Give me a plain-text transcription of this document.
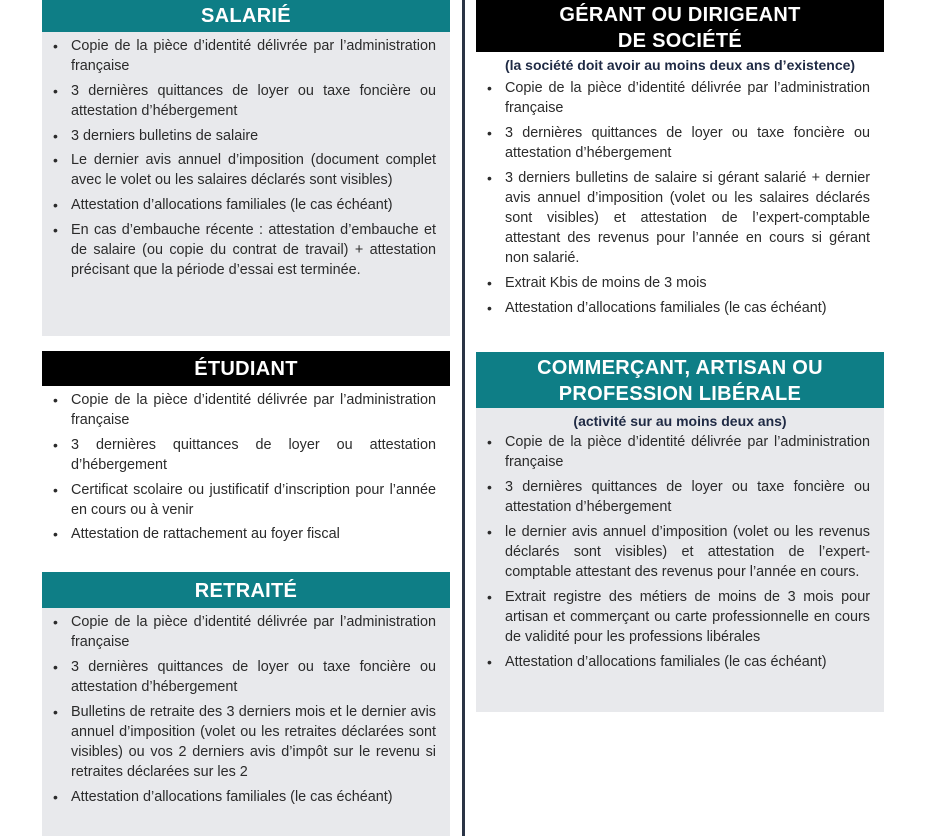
SALARIÉ
• Copie de la pièce d’identité délivrée par l’administration française
• 3 dernières quittances de loyer ou taxe foncière ou attestation d’hébergement
• 3 derniers bulletins de salaire
• Le dernier avis annuel d’imposition (document complet avec le volet ou les salaires déclarés sont visibles)
• Attestation d’allocations familiales (le cas échéant)
• En cas d’embauche récente : attestation d’embauche et de salaire (ou copie du contrat de travail) + attestation précisant que la période d’essai est terminée.
ÉTUDIANT
• Copie de la pièce d’identité délivrée par l’administration française
• 3 dernières quittances de loyer ou attestation d’hébergement
• Certificat scolaire ou justificatif d’inscription pour l’année en cours ou à venir
• Attestation de rattachement au foyer fiscal
RETRAITÉ
• Copie de la pièce d’identité délivrée par l’administration française
• 3 dernières quittances de loyer ou taxe foncière ou attestation d’hébergement
• Bulletins de retraite des 3 derniers mois et le dernier avis annuel d’imposition (volet ou les retraites déclarées sont visibles) ou vos 2 derniers avis d’impôt sur le revenu si retraites déclarées sur les 2
• Attestation d’allocations familiales (le cas échéant)
GÉRANT OU DIRIGEANT
DE SOCIÉTÉ
(la société doit avoir au moins deux ans d’existence)
• Copie de la pièce d’identité délivrée par l’administration française
• 3 dernières quittances de loyer ou taxe foncière ou attestation d’hébergement
• 3 derniers bulletins de salaire si gérant salarié + dernier avis annuel d’imposition (volet ou les salaires déclarés sont visibles) et attestation de l’expert-comptable attestant des revenus pour l’année en cours si gérant non salarié.
• Extrait Kbis de moins de 3 mois
• Attestation d’allocations familiales (le cas échéant)
COMMERÇANT, ARTISAN OU
PROFESSION LIBÉRALE
(activité sur au moins deux ans)
• Copie de la pièce d’identité délivrée par l’administration française
• 3 dernières quittances de loyer ou taxe foncière ou attestation d’hébergement
• le dernier avis annuel d’imposition (volet ou les revenus déclarés sont visibles) et attestation de l’expert-comptable attestant des revenus pour l’année en cours.
• Extrait registre des métiers de moins de 3 mois pour artisan et commerçant ou carte professionnelle en cours de validité pour les professions libérales
• Attestation d’allocations familiales (le cas échéant)
